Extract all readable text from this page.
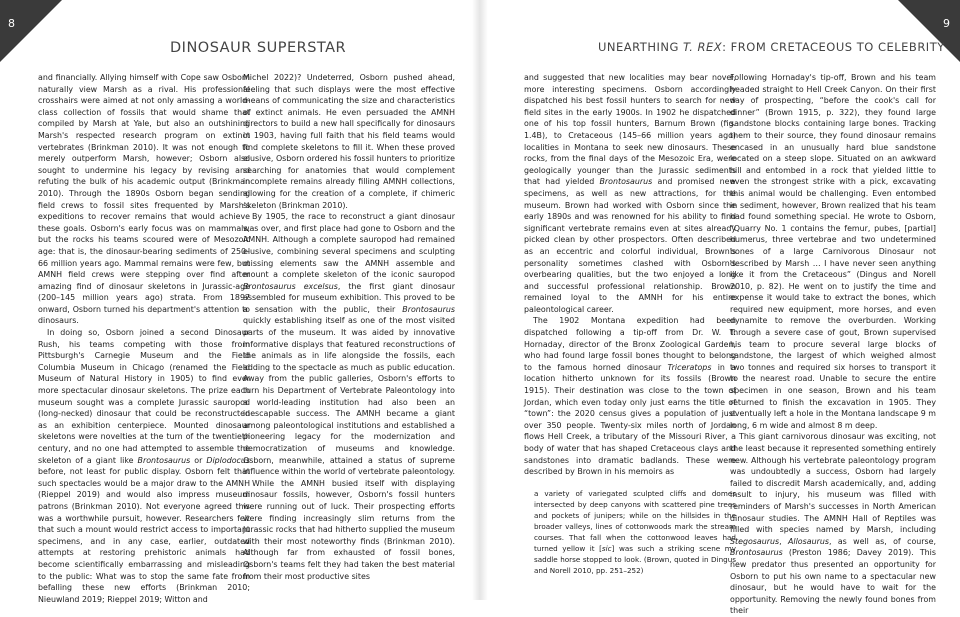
8
DINOSAUR SUPERSTAR

and financially. Allying himself with Cope saw Osborn naturally view Marsh as a rival. His professional crosshairs were aimed at not only amassing a world-class collection of fossils that would shame that compiled by Marsh at Yale, but also an outshining Marsh's respected research program on extinct vertebrates (Brinkman 2010). It was not enough to merely outperform Marsh, however; Osborn also sought to undermine his legacy by revising and refuting the bulk of his academic output (Brinkman 2010). Through the 1890s Osborn began sending field crews to fossil sites frequented by Marsh's expeditions to recover remains that would achieve these goals. Osborn's early focus was on mammals, but the rocks his teams scoured were of Mesozoic age: that is, the dinosaur-bearing sediments of 250–66 million years ago. Mammal remains were few, but AMNH field crews were stepping over find after amazing find of dinosaur skeletons in Jurassic-age (200–145 million years ago) strata. From 1897 onward, Osborn turned his department's attention to dinosaurs.

In doing so, Osborn joined a second Dinosaur Rush, his teams competing with those from Pittsburgh's Carnegie Museum and the Field Columbia Museum in Chicago (renamed the Field Museum of Natural History in 1905) to find ever more spectacular dinosaur skeletons. The prize each museum sought was a complete Jurassic sauropod (long-necked) dinosaur that could be reconstructed as an exhibition centerpiece. Mounted dinosaur skeletons were novelties at the turn of the twentieth century, and no one had attempted to assemble the skeleton of a giant like Brontosaurus or Diplodocus before, not least for public display. Osborn felt that such spectacles would be a major draw to the AMNH (Rieppel 2019) and would also impress museum patrons (Brinkman 2010). Not everyone agreed this was a worthwhile pursuit, however. Researchers felt that such a mount would restrict access to important specimens, and in any case, earlier, outdated attempts at restoring prehistoric animals had become scientifically embarrassing and misleading to the public: What was to stop the same fate from befalling these new efforts (Brinkman 2010; Nieuwland 2019; Rieppel 2019; Witton and

Michel 2022)? Undeterred, Osborn pushed ahead, feeling that such displays were the most effective means of communicating the size and characteristics of extinct animals. He even persuaded the AMNH directors to build a new hall specifically for dinosaurs in 1903, having full faith that his field teams would find complete skeletons to fill it. When these proved elusive, Osborn ordered his fossil hunters to prioritize searching for anatomies that would complement incomplete remains already filling AMNH collections, allowing for the creation of a complete, if chimeric skeleton (Brinkman 2010).

By 1905, the race to reconstruct a giant dinosaur was over, and first place had gone to Osborn and the AMNH. Although a complete sauropod had remained elusive, combining several specimens and sculpting missing elements saw the AMNH assemble and mount a complete skeleton of the iconic sauropod Brontosaurus excelsus, the first giant dinosaur assembled for museum exhibition. This proved to be a sensation with the public, their Brontosaurus quickly establishing itself as one of the most visited parts of the museum. It was aided by innovative informative displays that featured reconstructions of the animals as in life alongside the fossils, each adding to the spectacle as much as public education. Away from the public galleries, Osborn's efforts to turn his Department of Vertebrate Paleontology into a world-leading institution had also been an inescapable success. The AMNH became a giant among paleontological institutions and established a pioneering legacy for the modernization and democratization of museums and knowledge. Osborn, meanwhile, attained a status of supreme influence within the world of vertebrate paleontology.

While the AMNH busied itself with displaying dinosaur fossils, however, Osborn's fossil hunters were running out of luck. Their prospecting efforts were finding increasingly slim returns from the Jurassic rocks that had hitherto supplied the museum with their most noteworthy finds (Brinkman 2010). Although far from exhausted of fossil bones, Osborn's teams felt they had taken the best material from their most productive sites

9
UNEARTHING T. REX: FROM CRETACEOUS TO CELEBRITY

and suggested that new localities may bear novel, more interesting specimens. Osborn accordingly dispatched his best fossil hunters to search for new field sites in the early 1900s. In 1902 he dispatched one of his top fossil hunters, Barnum Brown (fig. 1.4B), to Cretaceous (145–66 million years ago) localities in Montana to seek new dinosaurs. These rocks, from the final days of the Mesozoic Era, were geologically younger than the Jurassic sediments that had yielded Brontosaurus and promised new specimens, as well as new attractions, for the museum. Brown had worked with Osborn since the early 1890s and was renowned for his ability to find significant vertebrate remains even at sites already picked clean by other prospectors. Often described as an eccentric and colorful individual, Brown's personality sometimes clashed with Osborn's overbearing qualities, but the two enjoyed a long and successful professional relationship. Brown remained loyal to the AMNH for his entire paleontological career.

The 1902 Montana expedition had been dispatched following a tip-off from Dr. W. T. Hornaday, director of the Bronx Zoological Garden, who had found large fossil bones thought to belong to the famous horned dinosaur Triceratops in a location hitherto unknown for its fossils (Brown 1915). Their destination was close to the town of Jordan, which even today only just earns the title of “town”: the 2020 census gives a population of just over 350 people. Twenty-six miles north of Jordan flows Hell Creek, a tributary of the Missouri River, a body of water that has shaped Cretaceous clays and sandstones into dramatic badlands. These were described by Brown in his memoirs as

a variety of variegated sculpted cliffs and domes intersected by deep canyons with scattered pine trees and pockets of junipers; while on the hillsides in the broader valleys, lines of cottonwoods mark the stream courses. That fall when the cottonwood leaves had turned yellow it [sic] was such a striking scene my saddle horse stopped to look. (Brown, quoted in Dingus and Norell 2010, pp. 251–252)

Following Hornaday's tip-off, Brown and his team headed straight to Hell Creek Canyon. On their first day of prospecting, “before the cook's call for dinner” (Brown 1915, p. 322), they found large sandstone blocks containing large bones. Tracking them to their source, they found dinosaur remains encased in an unusually hard blue sandstone located on a steep slope. Situated on an awkward hill and entombed in a rock that yielded little to even the strongest strike with a pick, excavating this animal would be challenging. Even entombed in sediment, however, Brown realized that his team had found something special. He wrote to Osborn, “Quarry No. 1 contains the femur, pubes, [partial] humerus, three vertebrae and two undetermined bones of a large Carnivorous Dinosaur not described by Marsh … I have never seen anything like it from the Cretaceous” (Dingus and Norell 2010, p. 82). He went on to justify the time and expense it would take to extract the bones, which required new equipment, more horses, and even dynamite to remove the overburden. Working through a severe case of gout, Brown supervised his team to procure several large blocks of sandstone, the largest of which weighed almost two tonnes and required six horses to transport it to the nearest road. Unable to secure the entire specimen in one season, Brown and his team returned to finish the excavation in 1905. They eventually left a hole in the Montana landscape 9 m long, 6 m wide and almost 8 m deep.

This giant carnivorous dinosaur was exciting, not the least because it represented something entirely new. Although his vertebrate paleontology program was undoubtedly a success, Osborn had largely failed to discredit Marsh academically, and, adding insult to injury, his museum was filled with reminders of Marsh's successes in North American dinosaur studies. The AMNH Hall of Reptiles was filled with species named by Marsh, including Stegosaurus, Allosaurus, as well as, of course, Brontosaurus (Preston 1986; Davey 2019). This new predator thus presented an opportunity for Osborn to put his own name to a spectacular new dinosaur, but he would have to wait for the opportunity. Removing the newly found bones from their
